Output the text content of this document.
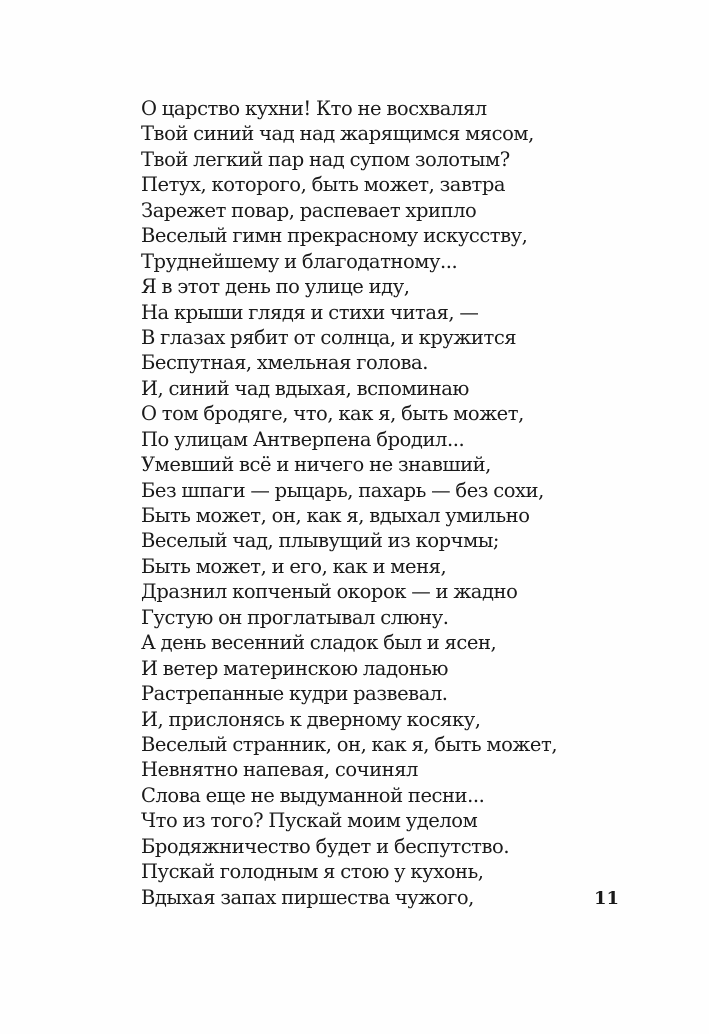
О царство кухни! Кто не восхвалял
Твой синий чад над жарящимся мясом,
Твой легкий пар над супом золотым?
Петух, которого, быть может, завтра
Зарежет повар, распевает хрипло
Веселый гимн прекрасному искусству,
Труднейшему и благодатному...
Я в этот день по улице иду,
На крыши глядя и стихи читая, —
В глазах рябит от солнца, и кружится
Беспутная, хмельная голова.
И, синий чад вдыхая, вспоминаю
О том бродяге, что, как я, быть может,
По улицам Антверпена бродил...
Умевший всё и ничего не знавший,
Без шпаги — рыцарь, пахарь — без сохи,
Быть может, он, как я, вдыхал умильно
Веселый чад, плывущий из корчмы;
Быть может, и его, как и меня,
Дразнил копченый окорок — и жадно
Густую он проглатывал слюну.
А день весенний сладок был и ясен,
И ветер материнскою ладонью
Растрепанные кудри развевал.
И, прислонясь к дверному косяку,
Веселый странник, он, как я, быть может,
Невнятно напевая, сочинял
Слова еще не выдуманной песни...
Что из того? Пускай моим уделом
Бродяжничество будет и беспутство.
Пускай голодным я стою у кухонь,
Вдыхая запах пиршества чужого,	11
